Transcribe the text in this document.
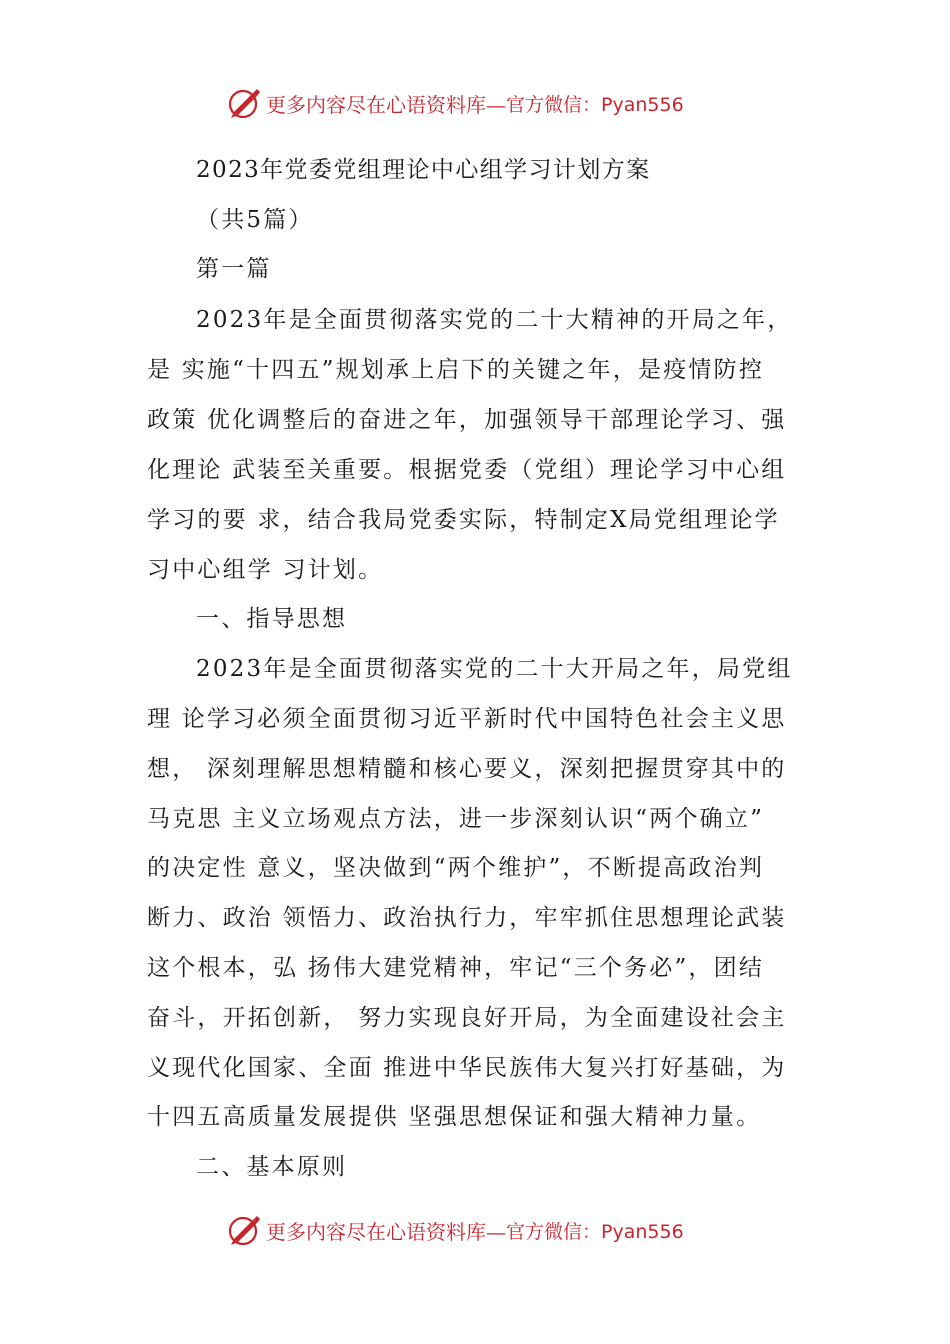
更多内容尽在心语资料库— 官方微信：Pyan556
2023年党委党组理论中心组学习计划方案
（共5篇）
第一篇
2023年是全面贯彻落实党的二十大精神的开局之年，
是 实施“十四五”规划承上启下的关键之年，是疫情防控
政策 优化调整后的奋进之年，加强领导干部理论学习、强
化理论 武装至关重要。根据党委（党组）理论学习中心组
学习的要 求，结合我局党委实际，特制定X局党组理论学
习中心组学 习计划。
一、指导思想
2023年是全面贯彻落实党的二十大开局之年，局党组
理 论学习必须全面贯彻习近平新时代中国特色社会主义思
想， 深刻理解思想精髓和核心要义，深刻把握贯穿其中的
马克思 主义立场观点方法，进一步深刻认识“两个确立”
的决定性 意义，坚决做到“两个维护”，不断提高政治判
断力、政治 领悟力、政治执行力，牢牢抓住思想理论武装
这个根本，弘 扬伟大建党精神，牢记“三个务必”，团结
奋斗，开拓创新， 努力实现良好开局，为全面建设社会主
义现代化国家、全面 推进中华民族伟大复兴打好基础，为
十四五高质量发展提供 坚强思想保证和强大精神力量。
二、基本原则
更多内容尽在心语资料库— 官方微信：Pyan556
